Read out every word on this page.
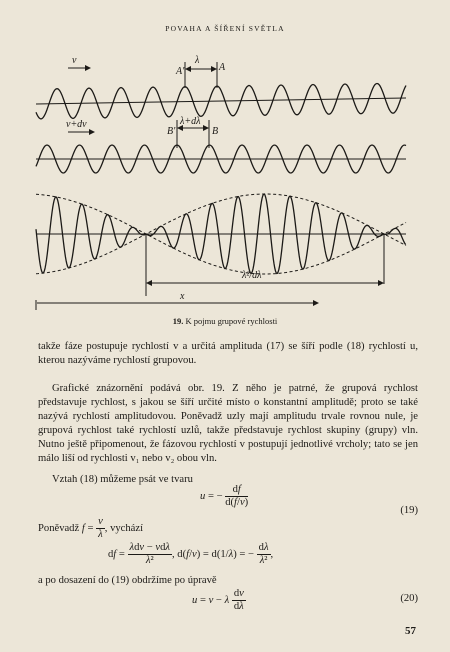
POVAHA A ŠÍŘENÍ SVĚTLA
v
v+dv
λ
A'	A
λ+dλ
B'	B
λ²/dλ
x
19. K pojmu grupové rychlosti
takže fáze postupuje rychlostí v a určitá amplituda (17) se šíří podle (18) rychlostí u, kterou nazýváme rychlostí grupovou.
Grafické znázornění podává obr. 19. Z něho je patrné, že grupová rychlost představuje rychlost, s jakou se šíří určité místo o konstantní amplitudě; proto se také nazývá rychlostí amplitudovou. Poněvadž uzly mají amplitudu trvale rovnou nule, je grupová rychlost také rychlostí uzlů, takže představuje rychlost skupiny (grupy) vln. Nutno ještě připomenout, že fázovou rychlostí v postupují jednotlivé vrcholy; tato se jen málo liší od rychlosti v₁ nebo v₂ obou vln.
Vztah (18) můžeme psát ve tvaru
u = − $\frac{df}{d(f/v)}$
(19)
Poněvadž $f = \frac{v}{\lambda}$ , vychází
df = $\frac{\text{λdv − vdλ}}{\text{λ²}}$ , d(f/v) = d(1/λ) = − $\frac{d\lambda}{\text{λ²}}$ ,
a po dosazení do (19) obdržíme po úpravě
u = v − λ $\frac{dv}{d\lambda}$	(20)
57
